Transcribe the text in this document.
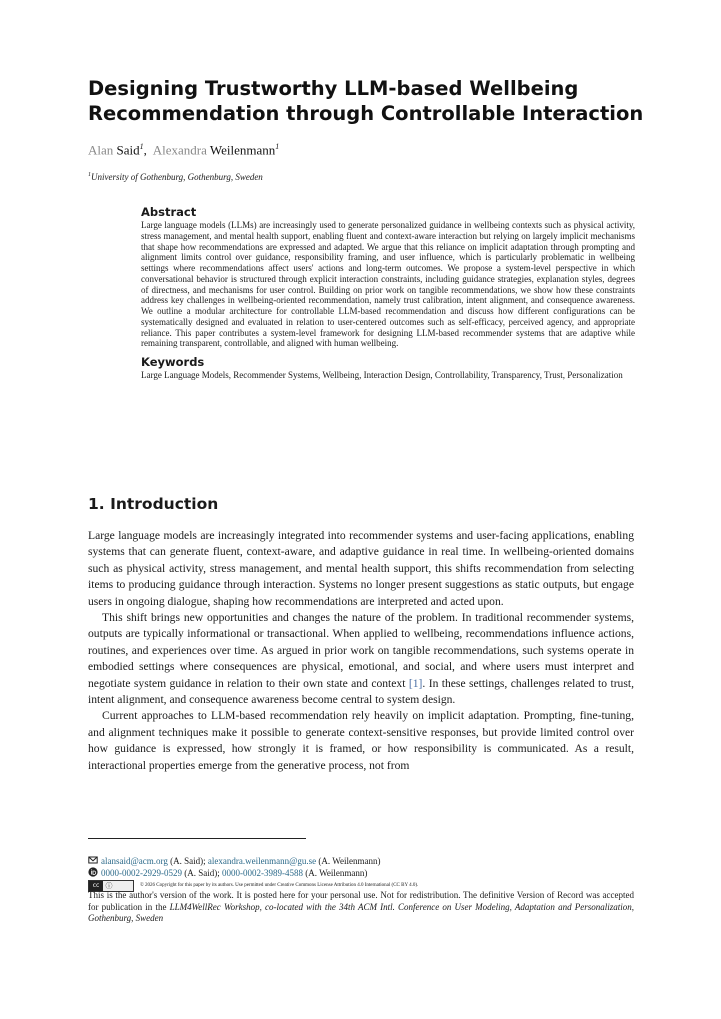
Designing Trustworthy LLM-based Wellbeing Recommendation through Controllable Interaction
Alan Said$^1$,  Alexandra Weilenmann$^1$
$^1$University of Gothenburg, Gothenburg, Sweden
Abstract

Large language models (LLMs) are increasingly used to generate personalized guidance in wellbeing contexts such as physical activity, stress management, and mental health support, enabling fluent and context-aware interaction but relying on largely implicit mechanisms that shape how recommendations are expressed and adapted. We argue that this reliance on implicit adaptation through prompting and alignment limits control over guidance, responsibility framing, and user influence, which is particularly problematic in wellbeing settings where recommendations affect users' actions and long-term outcomes. We propose a system-level perspective in which conversational behavior is structured through explicit interaction constraints, including guidance strategies, explanation styles, degrees of directness, and mechanisms for user control. Building on prior work on tangible recommendations, we show how these constraints address key challenges in wellbeing-oriented recommendation, namely trust calibration, intent alignment, and consequence awareness. We outline a modular architecture for controllable LLM-based recommendation and discuss how different configurations can be systematically designed and evaluated in relation to user-centered outcomes such as self-efficacy, perceived agency, and appropriate reliance. This paper contributes a system-level framework for designing LLM-based recommender systems that are adaptive while remaining transparent, controllable, and aligned with human wellbeing.

Keywords

Large Language Models, Recommender Systems, Wellbeing, Interaction Design, Controllability, Transparency, Trust, Personalization

1. Introduction

Large language models are increasingly integrated into recommender systems and user-facing applications, enabling systems that can generate fluent, context-aware, and adaptive guidance in real time. In wellbeing-oriented domains such as physical activity, stress management, and mental health support, this shifts recommendation from selecting items to producing guidance through interaction. Systems no longer present suggestions as static outputs, but engage users in ongoing dialogue, shaping how recommendations are interpreted and acted upon.

This shift brings new opportunities and changes the nature of the problem. In traditional recommender systems, outputs are typically informational or transactional. When applied to wellbeing, recommendations influence actions, routines, and experiences over time. As argued in prior work on tangible recommendations, such systems operate in embodied settings where consequences are physical, emotional, and social, and where users must interpret and negotiate system guidance in relation to their own state and context [1]. In these settings, challenges related to trust, intent alignment, and consequence awareness become central to system design.

Current approaches to LLM-based recommendation rely heavily on implicit adaptation. Prompting, fine-tuning, and alignment techniques make it possible to generate context-sensitive responses, but provide limited control over how guidance is expressed, how strongly it is framed, or how responsibility is communicated. As a result, interactional properties emerge from the generative process, not from

alansaid@acm.org (A. Said); alexandra.weilenmann@gu.se (A. Weilenmann)
0000-0002-2929-0529 (A. Said); 0000-0002-3989-4588 (A. Weilenmann)
cc ⓘ	© 2026 Copyright for this paper by its authors. Use permitted under Creative Commons License Attribution 4.0 International (CC BY 4.0).
This is the author's version of the work. It is posted here for your personal use. Not for redistribution. The definitive Version of Record was accepted for publication in the LLM4WellRec Workshop, co-located with the 34th ACM Intl. Conference on User Modeling, Adaptation and Personalization, Gothenburg, Sweden
